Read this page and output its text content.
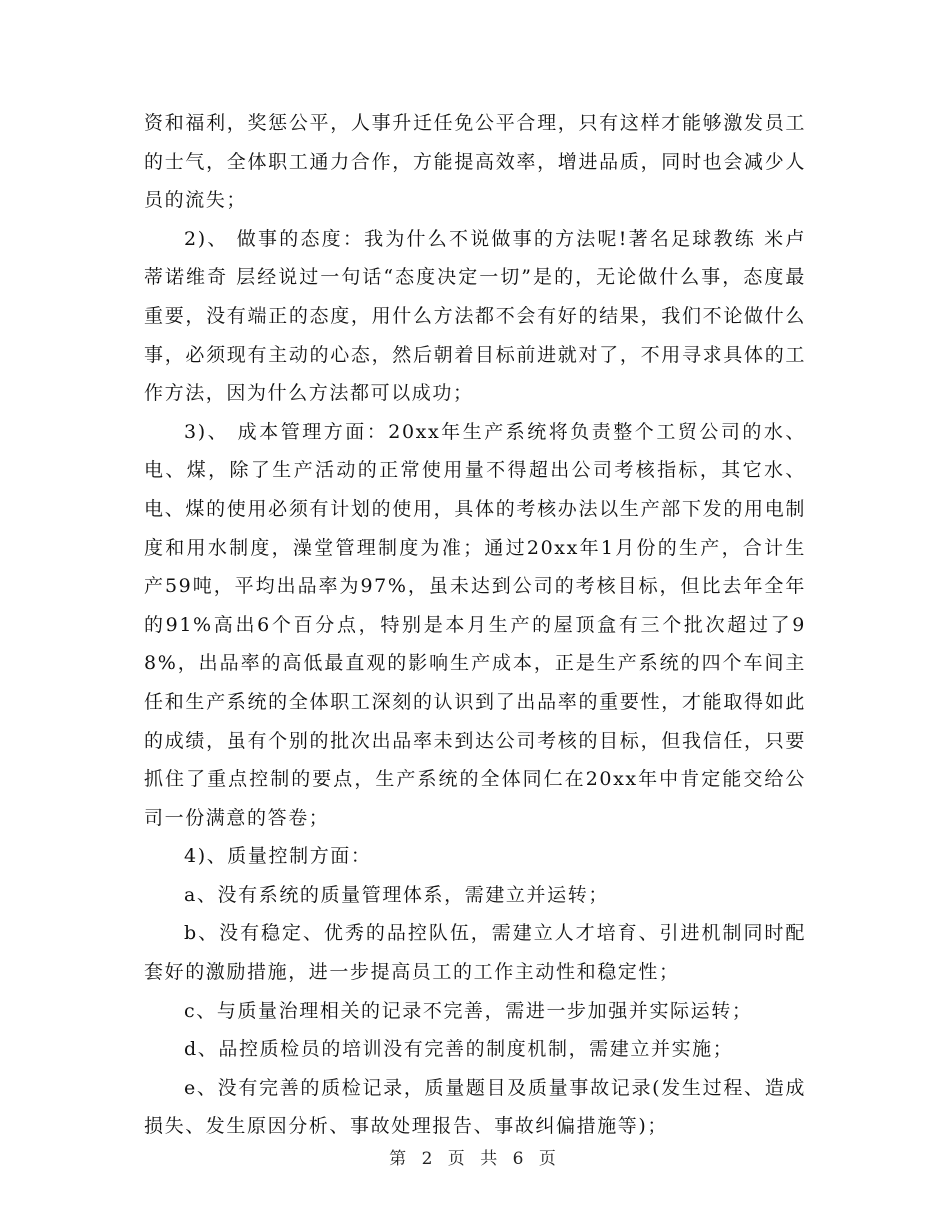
资和福利，奖惩公平，人事升迁任免公平合理，只有这样才能够激发员工的士气，全体职工通力合作，方能提高效率，增进品质，同时也会减少人员的流失；

2)、 做事的态度：我为什么不说做事的方法呢!著名足球教练 米卢蒂诺维奇 层经说过一句话“态度决定一切”是的，无论做什么事，态度最重要，没有端正的态度，用什么方法都不会有好的结果，我们不论做什么事，必须现有主动的心态，然后朝着目标前进就对了，不用寻求具体的工作方法，因为什么方法都可以成功；

3)、 成本管理方面：20xx年生产系统将负责整个工贸公司的水、电、煤，除了生产活动的正常使用量不得超出公司考核指标，其它水、电、煤的使用必须有计划的使用，具体的考核办法以生产部下发的用电制度和用水制度，澡堂管理制度为准；通过20xx年1月份的生产，合计生产59吨，平均出品率为97%，虽未达到公司的考核目标，但比去年全年的91%高出6个百分点，特别是本月生产的屋顶盒有三个批次超过了98%，出品率的高低最直观的影响生产成本，正是生产系统的四个车间主任和生产系统的全体职工深刻的认识到了出品率的重要性，才能取得如此的成绩，虽有个别的批次出品率未到达公司考核的目标，但我信任，只要抓住了重点控制的要点，生产系统的全体同仁在20xx年中肯定能交给公司一份满意的答卷；

4)、质量控制方面：

a、没有系统的质量管理体系，需建立并运转；

b、没有稳定、优秀的品控队伍，需建立人才培育、引进机制同时配套好的激励措施，进一步提高员工的工作主动性和稳定性；

c、与质量治理相关的记录不完善，需进一步加强并实际运转；

d、品控质检员的培训没有完善的制度机制，需建立并实施；

e、没有完善的质检记录，质量题目及质量事故记录(发生过程、造成损失、发生原因分析、事故处理报告、事故纠偏措施等)；

第 2 页 共 6 页
